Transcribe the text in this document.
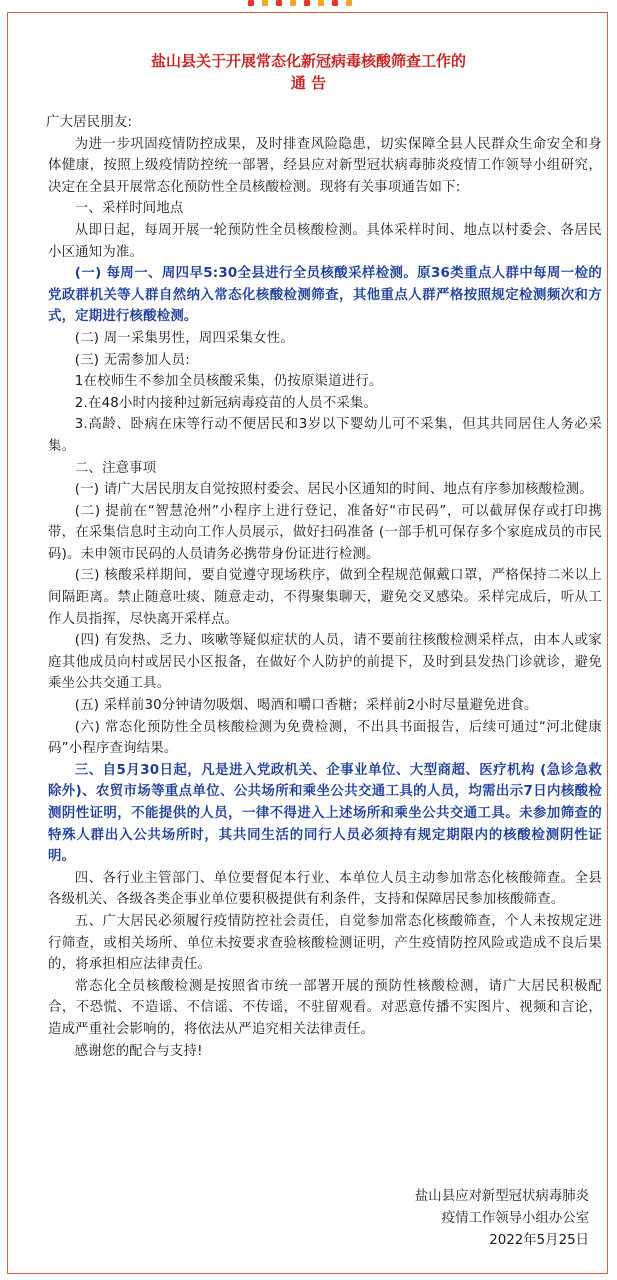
盐山县关于开展常态化新冠病毒核酸筛查工作的
通 告

广大居民朋友:

为进一步巩固疫情防控成果，及时排查风险隐患，切实保障全县人民群众生命安全和身体健康，按照上级疫情防控统一部署，经县应对新型冠状病毒肺炎疫情工作领导小组研究，决定在全县开展常态化预防性全员核酸检测。现将有关事项通告如下:

一、采样时间地点

从即日起，每周开展一轮预防性全员核酸检测。具体采样时间、地点以村委会、各居民小区通知为准。

(一) 每周一、周四早5:30全县进行全员核酸采样检测。原36类重点人群中每周一检的党政群机关等人群自然纳入常态化核酸检测筛查，其他重点人群严格按照规定检测频次和方式，定期进行核酸检测。

(二) 周一采集男性，周四采集女性。

(三) 无需参加人员:

1在校师生不参加全员核酸采集，仍按原渠道进行。

2.在48小时内接种过新冠病毒疫苗的人员不采集。

3.高龄、卧病在床等行动不便居民和3岁以下婴幼儿可不采集，但其共同居住人务必采集。

二、注意事项

(一) 请广大居民朋友自觉按照村委会、居民小区通知的时间、地点有序参加核酸检测。

(二) 提前在“智慧沧州”小程序上进行登记，准备好“市民码”，可以截屏保存或打印携带，在采集信息时主动向工作人员展示，做好扫码准备 (一部手机可保存多个家庭成员的市民码)。未申领市民码的人员请务必携带身份证进行检测。

(三) 核酸采样期间，要自觉遵守现场秩序，做到全程规范佩戴口罩，严格保持二米以上间隔距离。禁止随意吐痰、随意走动，不得聚集聊天，避免交叉感染。采样完成后，听从工作人员指挥，尽快离开采样点。

(四) 有发热、乏力、咳嗽等疑似症状的人员，请不要前往核酸检测采样点，由本人或家庭其他成员向村或居民小区报备，在做好个人防护的前提下，及时到县发热门诊就诊，避免乘坐公共交通工具。

(五) 采样前30分钟请勿吸烟、喝酒和嚼口香糖；采样前2小时尽量避免进食。

(六) 常态化预防性全员核酸检测为免费检测，不出具书面报告，后续可通过“河北健康码”小程序查询结果。

三、自5月30日起，凡是进入党政机关、企事业单位、大型商超、医疗机构 (急诊急救除外)、农贸市场等重点单位、公共场所和乘坐公共交通工具的人员，均需出示7日内核酸检测阴性证明，不能提供的人员，一律不得进入上述场所和乘坐公共交通工具。未参加筛查的特殊人群出入公共场所时，其共同生活的同行人员必须持有规定期限内的核酸检测阴性证明。

四、各行业主管部门、单位要督促本行业、本单位人员主动参加常态化核酸筛查。全县各级机关、各级各类企事业单位要积极提供有利条件，支持和保障居民参加核酸筛查。

五、广大居民必须履行疫情防控社会责任，自觉参加常态化核酸筛查，个人未按规定进行筛查，或相关场所、单位未按要求查验核酸检测证明，产生疫情防控风险或造成不良后果的，将承担相应法律责任。

常态化全员核酸检测是按照省市统一部署开展的预防性核酸检测，请广大居民积极配合，不恐慌、不造谣、不信谣、不传谣，不驻留观看。对恶意传播不实图片、视频和言论，造成严重社会影响的，将依法从严追究相关法律责任。

感谢您的配合与支持!

盐山县应对新型冠状病毒肺炎
疫情工作领导小组办公室
2022年5月25日
